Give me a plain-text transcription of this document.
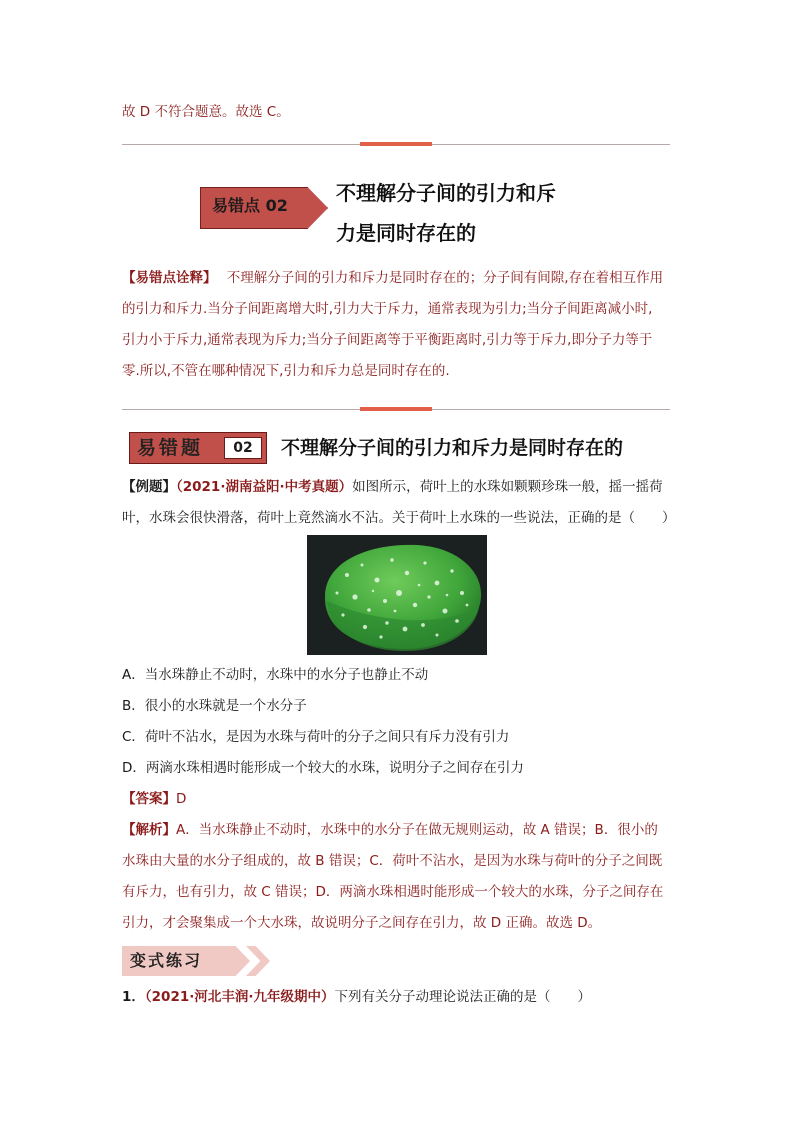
故 D 不符合题意。故选 C。
易错点 02
不理解分子间的引力和斥
力是同时存在的
【易错点诠释】 不理解分子间的引力和斥力是同时存在的；分子间有间隙,存在着相互作用
的引力和斥力.当分子间距离增大时,引力大于斥力，通常表现为引力;当分子间距离减小时,
引力小于斥力,通常表现为斥力;当分子间距离等于平衡距离时,引力等于斥力,即分子力等于
零.所以,不管在哪种情况下,引力和斥力总是同时存在的.
易错题	02	不理解分子间的引力和斥力是同时存在的
【例题】（2021·湖南益阳·中考真题）如图所示，荷叶上的水珠如颗颗珍珠一般，摇一摇荷
叶，水珠会很快滑落，荷叶上竟然滴水不沾。关于荷叶上水珠的一些说法，正确的是（　　）
A．当水珠静止不动时，水珠中的水分子也静止不动
B．很小的水珠就是一个水分子
C．荷叶不沾水，是因为水珠与荷叶的分子之间只有斥力没有引力
D．两滴水珠相遇时能形成一个较大的水珠，说明分子之间存在引力
【答案】D
【解析】A．当水珠静止不动时，水珠中的水分子在做无规则运动，故 A 错误；B．很小的
水珠由大量的水分子组成的，故 B 错误；C．荷叶不沾水，是因为水珠与荷叶的分子之间既
有斥力，也有引力，故 C 错误；D．两滴水珠相遇时能形成一个较大的水珠，分子之间存在
引力，才会聚集成一个大水珠，故说明分子之间存在引力，故 D 正确。故选 D。
变式练习
1．（2021·河北丰润·九年级期中）下列有关分子动理论说法正确的是（　　）
